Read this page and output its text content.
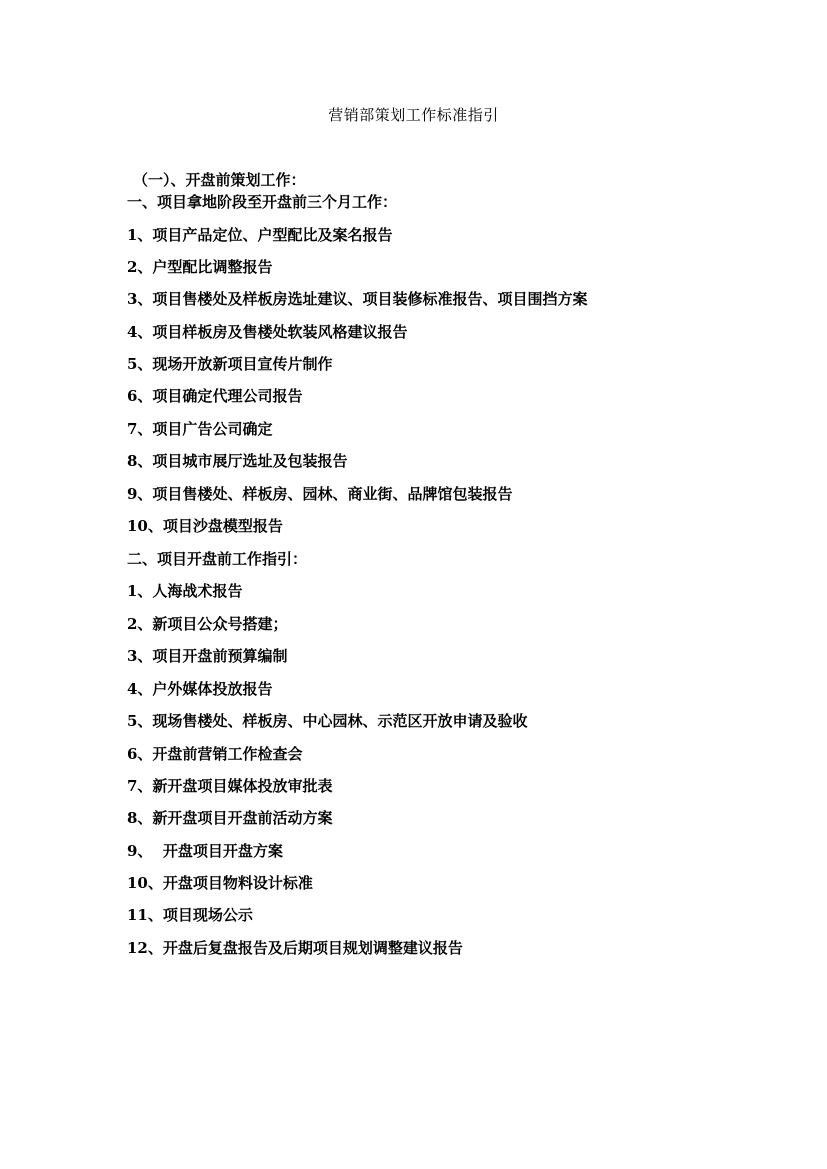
营销部策划工作标准指引

（一）、开盘前策划工作：

一、项目拿地阶段至开盘前三个月工作：

1、项目产品定位、户型配比及案名报告

2、户型配比调整报告

3、项目售楼处及样板房选址建议、项目装修标准报告、项目围挡方案

4、项目样板房及售楼处软装风格建议报告

5、现场开放新项目宣传片制作

6、项目确定代理公司报告

7、项目广告公司确定

8、项目城市展厅选址及包装报告

9、项目售楼处、样板房、园林、商业街、品牌馆包装报告

10、项目沙盘模型报告

二、项目开盘前工作指引：

1、人海战术报告

2、新项目公众号搭建；

3、项目开盘前预算编制

4、户外媒体投放报告

5、现场售楼处、样板房、中心园林、示范区开放申请及验收

6、开盘前营销工作检查会

7、新开盘项目媒体投放审批表

8、新开盘项目开盘前活动方案

9、  开盘项目开盘方案

10、开盘项目物料设计标准

11、项目现场公示

12、开盘后复盘报告及后期项目规划调整建议报告
